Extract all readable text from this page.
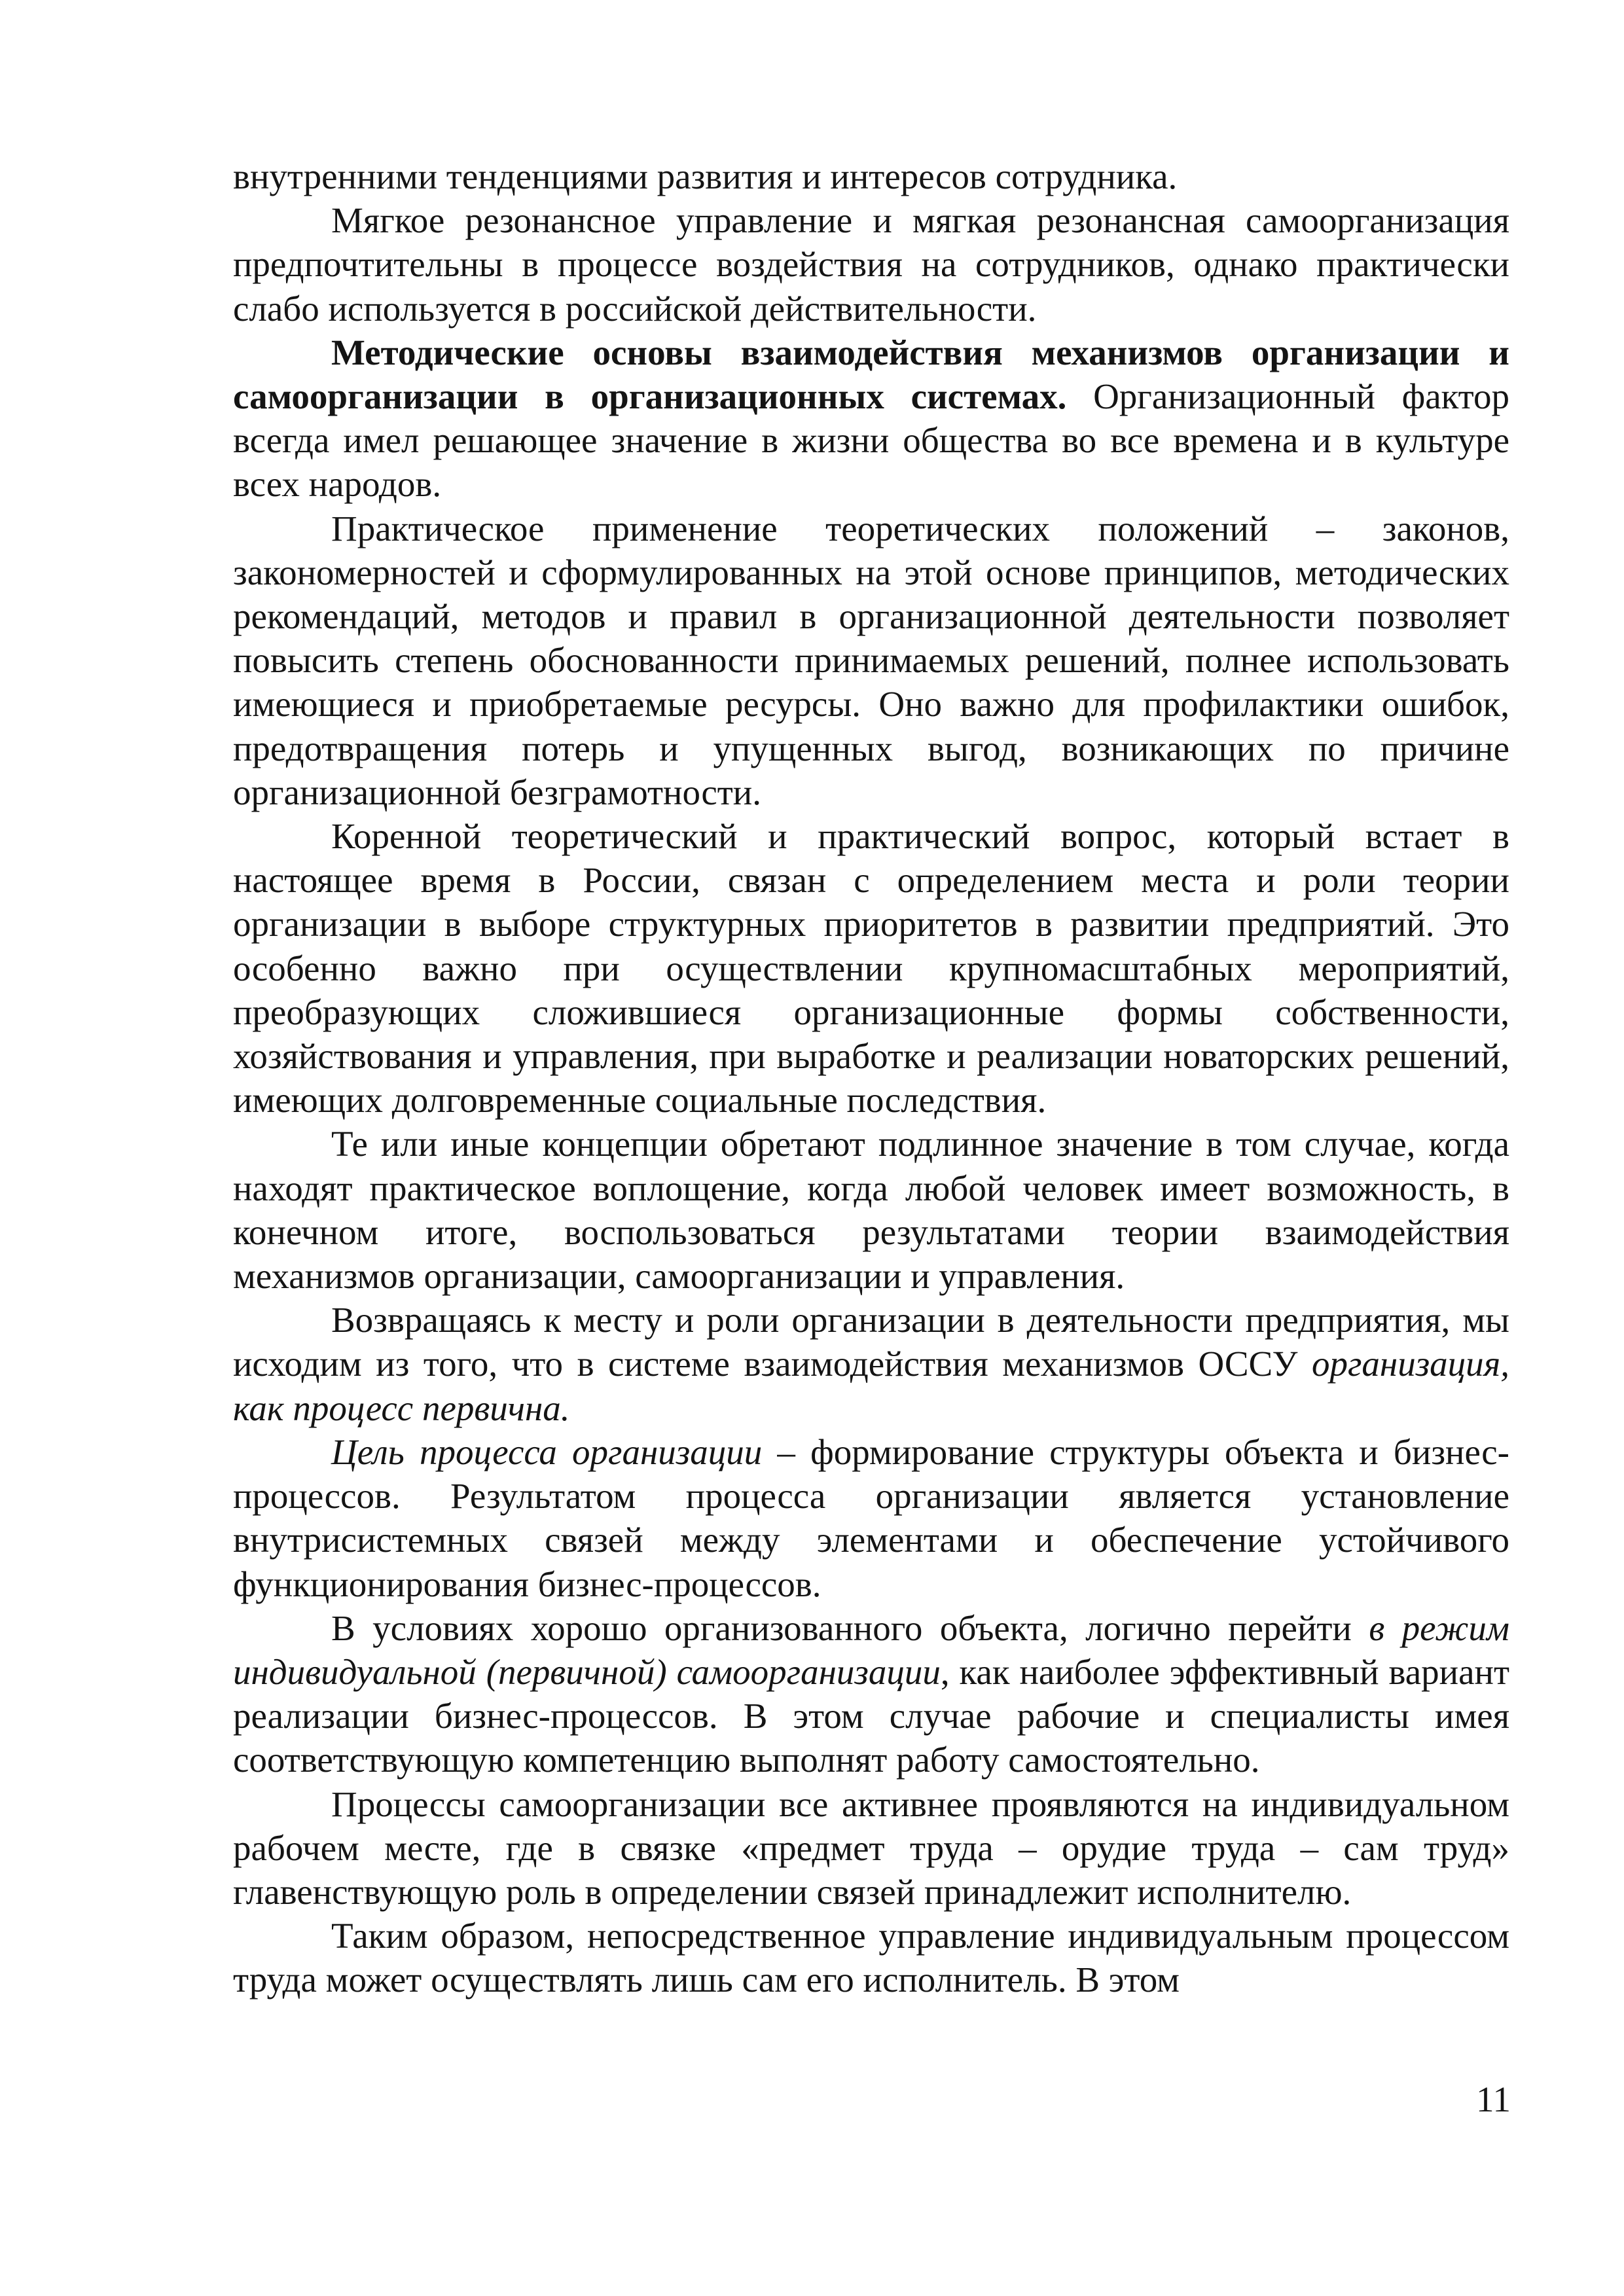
внутренними тенденциями развития и интересов сотрудника.

Мягкое резонансное управление и мягкая резонансная самоорганизация предпочтительны в процессе воздействия на сотрудников, однако практически слабо используется в российской действительности.

Методические основы взаимодействия механизмов организации и самоорганизации в организационных системах. Организационный фактор всегда имел решающее значение в жизни общества во все времена и в культуре всех народов.

Практическое применение теоретических положений – законов, закономерностей и сформулированных на этой основе принципов, методических рекомендаций, методов и правил в организационной деятельности позволяет повысить степень обоснованности принимаемых решений, полнее использовать имеющиеся и приобретаемые ресурсы. Оно важно для профилактики ошибок, предотвращения потерь и упущенных выгод, возникающих по причине организационной безграмотности.

Коренной теоретический и практический вопрос, который встает в настоящее время в России, связан с определением места и роли теории организации в выборе структурных приоритетов в развитии предприятий. Это особенно важно при осуществлении крупномасштабных мероприятий, преобразующих сложившиеся организационные формы собственности, хозяйствования и управления, при выработке и реализации новаторских решений, имеющих долговременные социальные последствия.

Те или иные концепции обретают подлинное значение в том случае, когда находят практическое воплощение, когда любой человек имеет возможность, в конечном итоге, воспользоваться результатами теории взаимодействия механизмов организации, самоорганизации и управления.

Возвращаясь к месту и роли организации в деятельности предприятия, мы исходим из того, что в системе взаимодействия механизмов ОССУ организация, как процесс первична.

Цель процесса организации – формирование структуры объекта и бизнес-процессов. Результатом процесса организации является установление внутрисистемных связей между элементами и обеспечение устойчивого функционирования бизнес-процессов.

В условиях хорошо организованного объекта, логично перейти в режим индивидуальной (первичной) самоорганизации, как наиболее эффективный вариант реализации бизнес-процессов. В этом случае рабочие и специалисты имея соответствующую компетенцию выполнят работу самостоятельно.

Процессы самоорганизации все активнее проявляются на индивидуальном рабочем месте, где в связке «предмет труда – орудие труда – сам труд» главенствующую роль в определении связей принадлежит исполнителю.

Таким образом, непосредственное управление индивидуальным процессом труда может осуществлять лишь сам его исполнитель. В этом

11
